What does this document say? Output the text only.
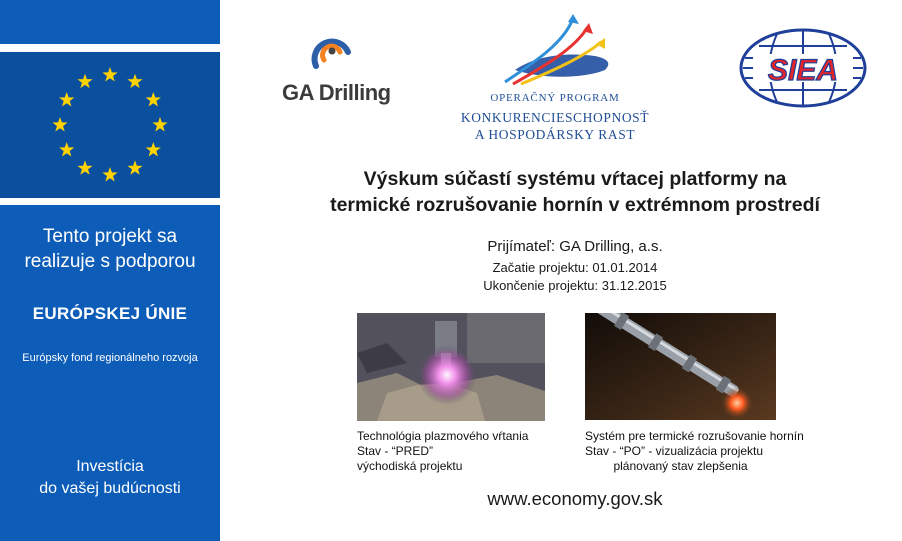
Tento projekt sa
realizuje s podporou
EURÓPSKEJ ÚNIE
Európsky fond regionálneho rozvoja
Investícia
do vašej budúcnosti
GA Drilling	OPERAČNÝ PROGRAM
KONKURENCIESCHOPNOSŤ
A HOSPODÁRSKY RAST
SIEA
Výskum súčastí systému vŕtacej platformy na
termické rozrušovanie hornín v extrémnom prostredí
Prijímateľ: GA Drilling, a.s.
Začatie projektu: 01.01.2014
Ukončenie projektu: 31.12.2015
Technológia plazmového vŕtania
Stav - “PRED”
východiská projektu
Systém pre termické rozrušovanie hornín
Stav - “PO” - vizualizácia projektu
plánovaný stav zlepšenia
www.economy.gov.sk
